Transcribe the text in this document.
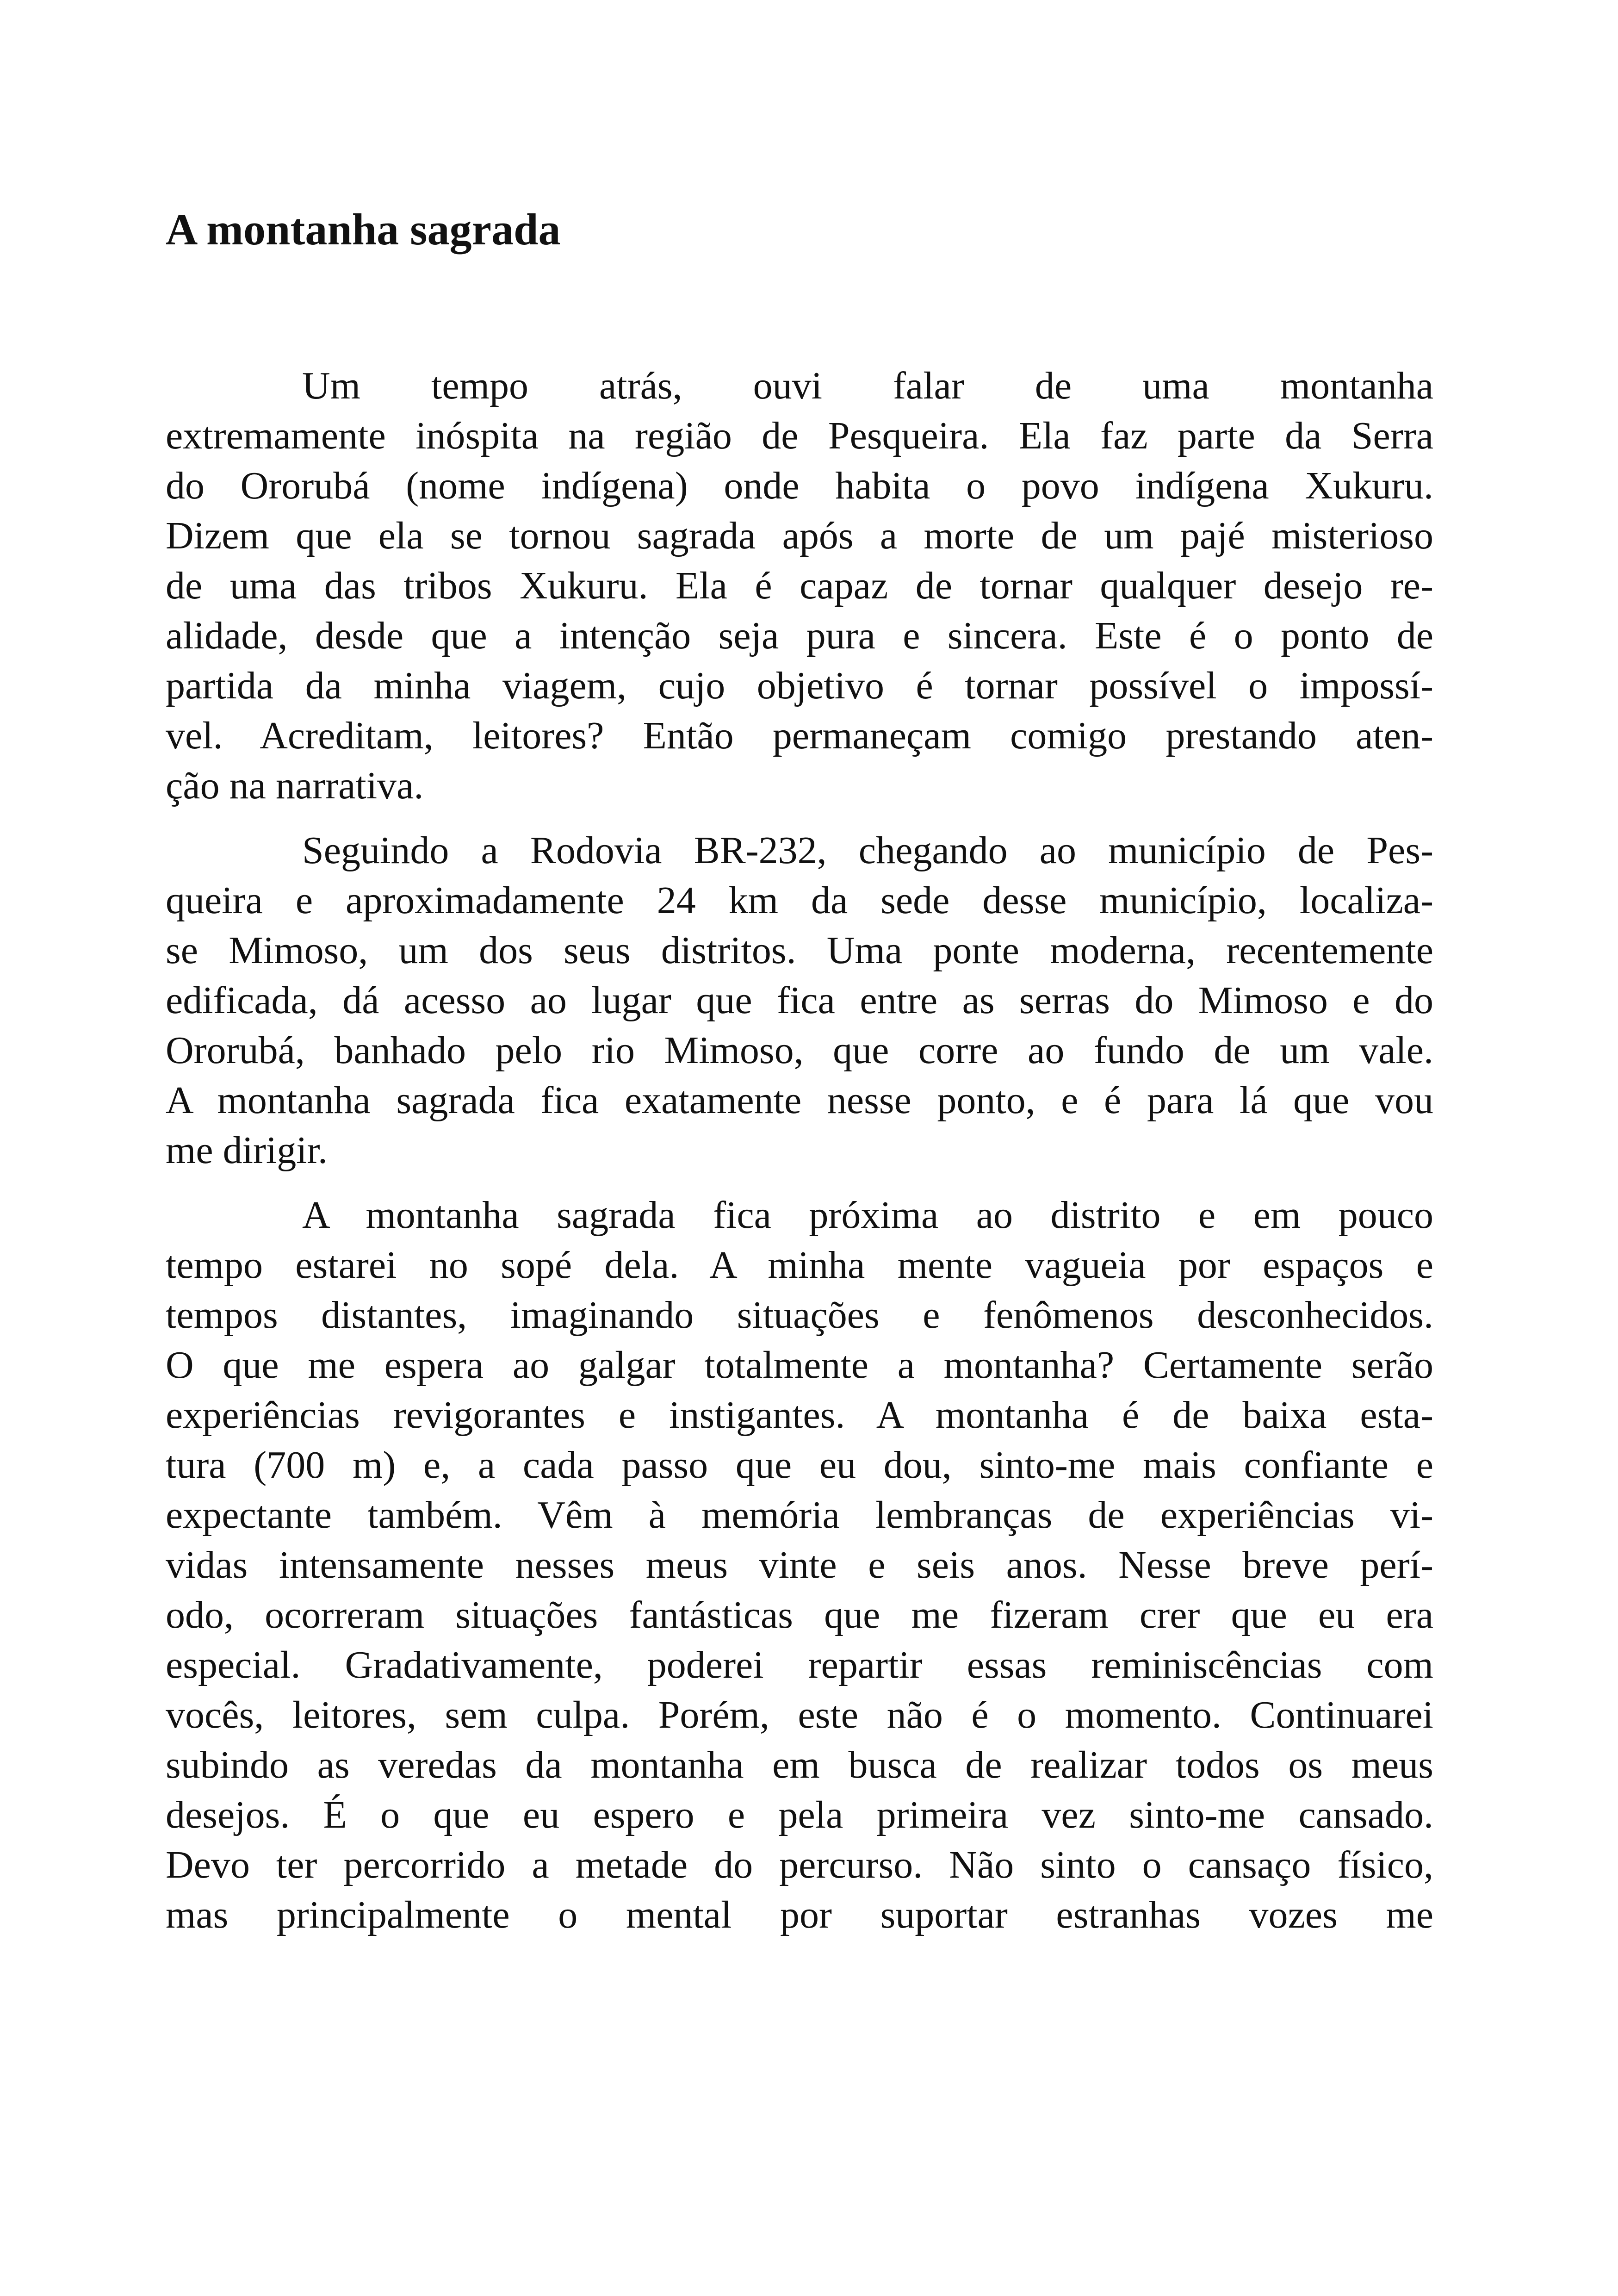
A montanha sagrada
Um tempo atrás, ouvi falar de uma montanha
extremamente inóspita na região de Pesqueira. Ela faz parte da Serra
do Ororubá (nome indígena) onde habita o povo indígena Xukuru.
Dizem que ela se tornou sagrada após a morte de um pajé misterioso
de uma das tribos Xukuru. Ela é capaz de tornar qualquer desejo re-
alidade, desde que a intenção seja pura e sincera. Este é o ponto de
partida da minha viagem, cujo objetivo é tornar possível o impossí-
vel. Acreditam, leitores? Então permaneçam comigo prestando aten-
ção na narrativa.
Seguindo a Rodovia BR-232, chegando ao município de Pes-
queira e aproximadamente 24 km da sede desse município, localiza-
se Mimoso, um dos seus distritos. Uma ponte moderna, recentemente
edificada, dá acesso ao lugar que fica entre as serras do Mimoso e do
Ororubá, banhado pelo rio Mimoso, que corre ao fundo de um vale.
A montanha sagrada fica exatamente nesse ponto, e é para lá que vou
me dirigir.
A montanha sagrada fica próxima ao distrito e em pouco
tempo estarei no sopé dela. A minha mente vagueia por espaços e
tempos distantes, imaginando situações e fenômenos desconhecidos.
O que me espera ao galgar totalmente a montanha? Certamente serão
experiências revigorantes e instigantes. A montanha é de baixa esta-
tura (700 m) e, a cada passo que eu dou, sinto-me mais confiante e
expectante também. Vêm à memória lembranças de experiências vi-
vidas intensamente nesses meus vinte e seis anos. Nesse breve perí-
odo, ocorreram situações fantásticas que me fizeram crer que eu era
especial. Gradativamente, poderei repartir essas reminiscências com
vocês, leitores, sem culpa. Porém, este não é o momento. Continuarei
subindo as veredas da montanha em busca de realizar todos os meus
desejos. É o que eu espero e pela primeira vez sinto-me cansado.
Devo ter percorrido a metade do percurso. Não sinto o cansaço físico,
mas principalmente o mental por suportar estranhas vozes me
